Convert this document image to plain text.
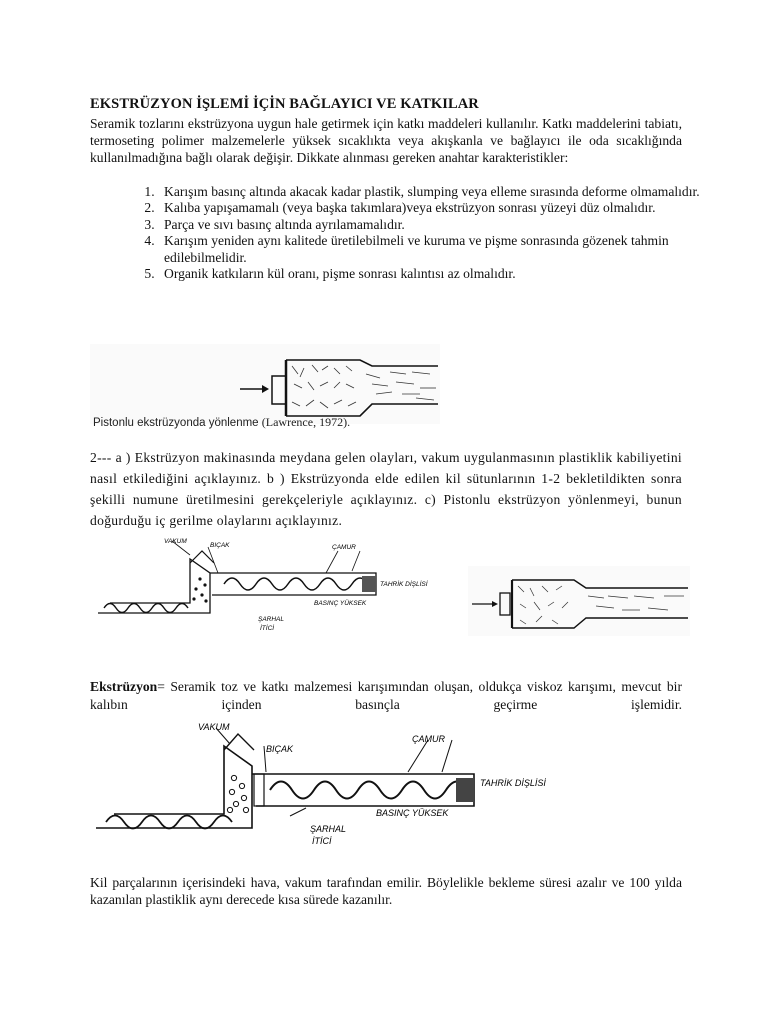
EKSTRÜZYON İŞLEMİ İÇİN BAĞLAYICI VE KATKILAR
Seramik tozlarını ekstrüzyona uygun hale getirmek için katkı maddeleri kullanılır. Katkı maddelerini tabiatı, termoseting polimer malzemelerle yüksek sıcaklıkta veya akışkanla ve bağlayıcı ile oda sıcaklığında kullanılmadığına bağlı olarak değişir. Dikkate alınması gereken anahtar karakteristikler:
1. Karışım basınç altında akacak kadar plastik, slumping veya elleme sırasında deforme olmamalıdır.
2. Kalıba yapışamamalı (veya başka takımlara)veya ekstrüzyon sonrası yüzeyi düz olmalıdır.
3. Parça ve sıvı basınç altında ayrılamamalıdır.
4. Karışım yeniden aynı kalitede üretilebilmeli ve kuruma ve pişme sonrasında gözenek tahmin edilebilmelidir.
5. Organik katkıların kül oranı, pişme sonrası kalıntısı az olmalıdır.
Pistonlu ekstrüzyonda yönlenme (Lawrence, 1972).
2--- a ) Ekstrüzyon makinasında meydana gelen olayları, vakum uygulanmasının plastiklik kabiliyetini nasıl etkilediğini açıklayınız. b ) Ekstrüzyonda elde edilen kil sütunlarının 1-2 bekletildikten sonra şekilli numune üretilmesini gerekçeleriyle açıklayınız. c) Pistonlu ekstrüzyon yönlenmeyi, bunun doğurduğu iç gerilme olaylarını açıklayınız.
VAKUM
BIÇAK	ÇAMUR
TAHRİK DİŞLİSİ
BASINÇ YÜKSEK
ŞARHAL
İTİCİ
Ekstrüzyon= Seramik toz ve katkı malzemesi karışımından oluşan, oldukça viskoz karışımı, mevcut bir kalıbın içinden basınçla geçirme işlemidir.
VAKUM
BIÇAK
ÇAMUR
TAHRİK DİŞLİSİ
BASINÇ YÜKSEK
ŞARHAL
İTİCİ
Kil parçalarının içerisindeki hava, vakum tarafından emilir. Böylelikle bekleme süresi azalır ve 100 yılda kazanılan plastiklik aynı derecede kısa sürede kazanılır.
